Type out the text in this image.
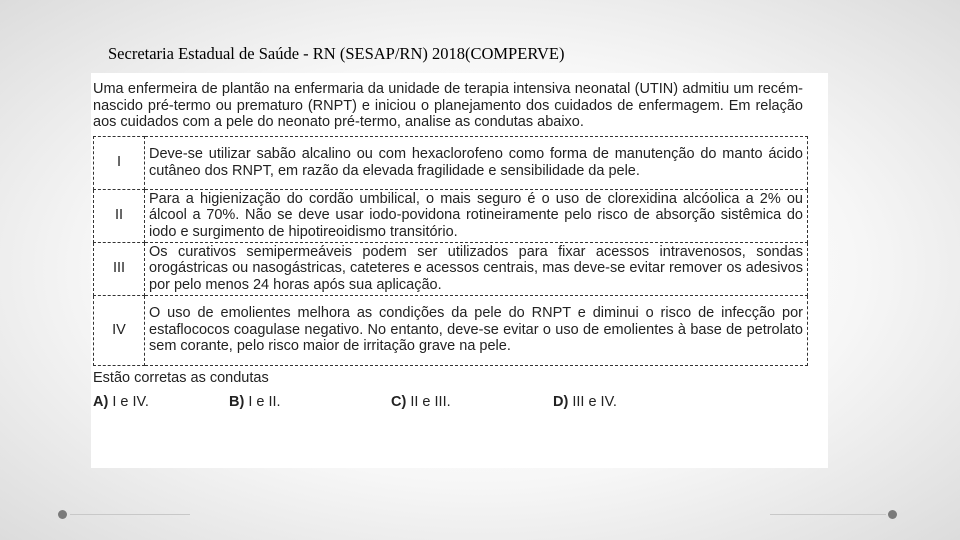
Secretaria Estadual de Saúde - RN (SESAP/RN) 2018(COMPERVE)

Uma enfermeira de plantão na enfermaria da unidade de terapia intensiva neonatal (UTIN) admitiu um recém-nascido pré-termo ou prematuro (RNPT) e iniciou o planejamento dos cuidados de enfermagem. Em relação aos cuidados com a pele do neonato pré-termo, analise as condutas abaixo.

I	Deve-se utilizar sabão alcalino ou com hexaclorofeno como forma de manutenção do manto ácido cutâneo dos RNPT, em razão da elevada fragilidade e sensibilidade da pele.
II	Para a higienização do cordão umbilical, o mais seguro é o uso de clorexidina alcóolica a 2% ou álcool a 70%. Não se deve usar iodo-povidona rotineiramente pelo risco de absorção sistêmica do iodo e surgimento de hipotireoidismo transitório.
III	Os curativos semipermeáveis podem ser utilizados para fixar acessos intravenosos, sondas orogástricas ou nasogástricas, cateteres e acessos centrais, mas deve-se evitar remover os adesivos por pelo menos 24 horas após sua aplicação.
IV	O uso de emolientes melhora as condições da pele do RNPT e diminui o risco de infecção por estaflococos coagulase negativo. No entanto, deve-se evitar o uso de emolientes à base de petrolato sem corante, pelo risco maior de irritação grave na pele.
Estão corretas as condutas
A) I e IV.	B) I e II.	C) II e III.	D) III e IV.
